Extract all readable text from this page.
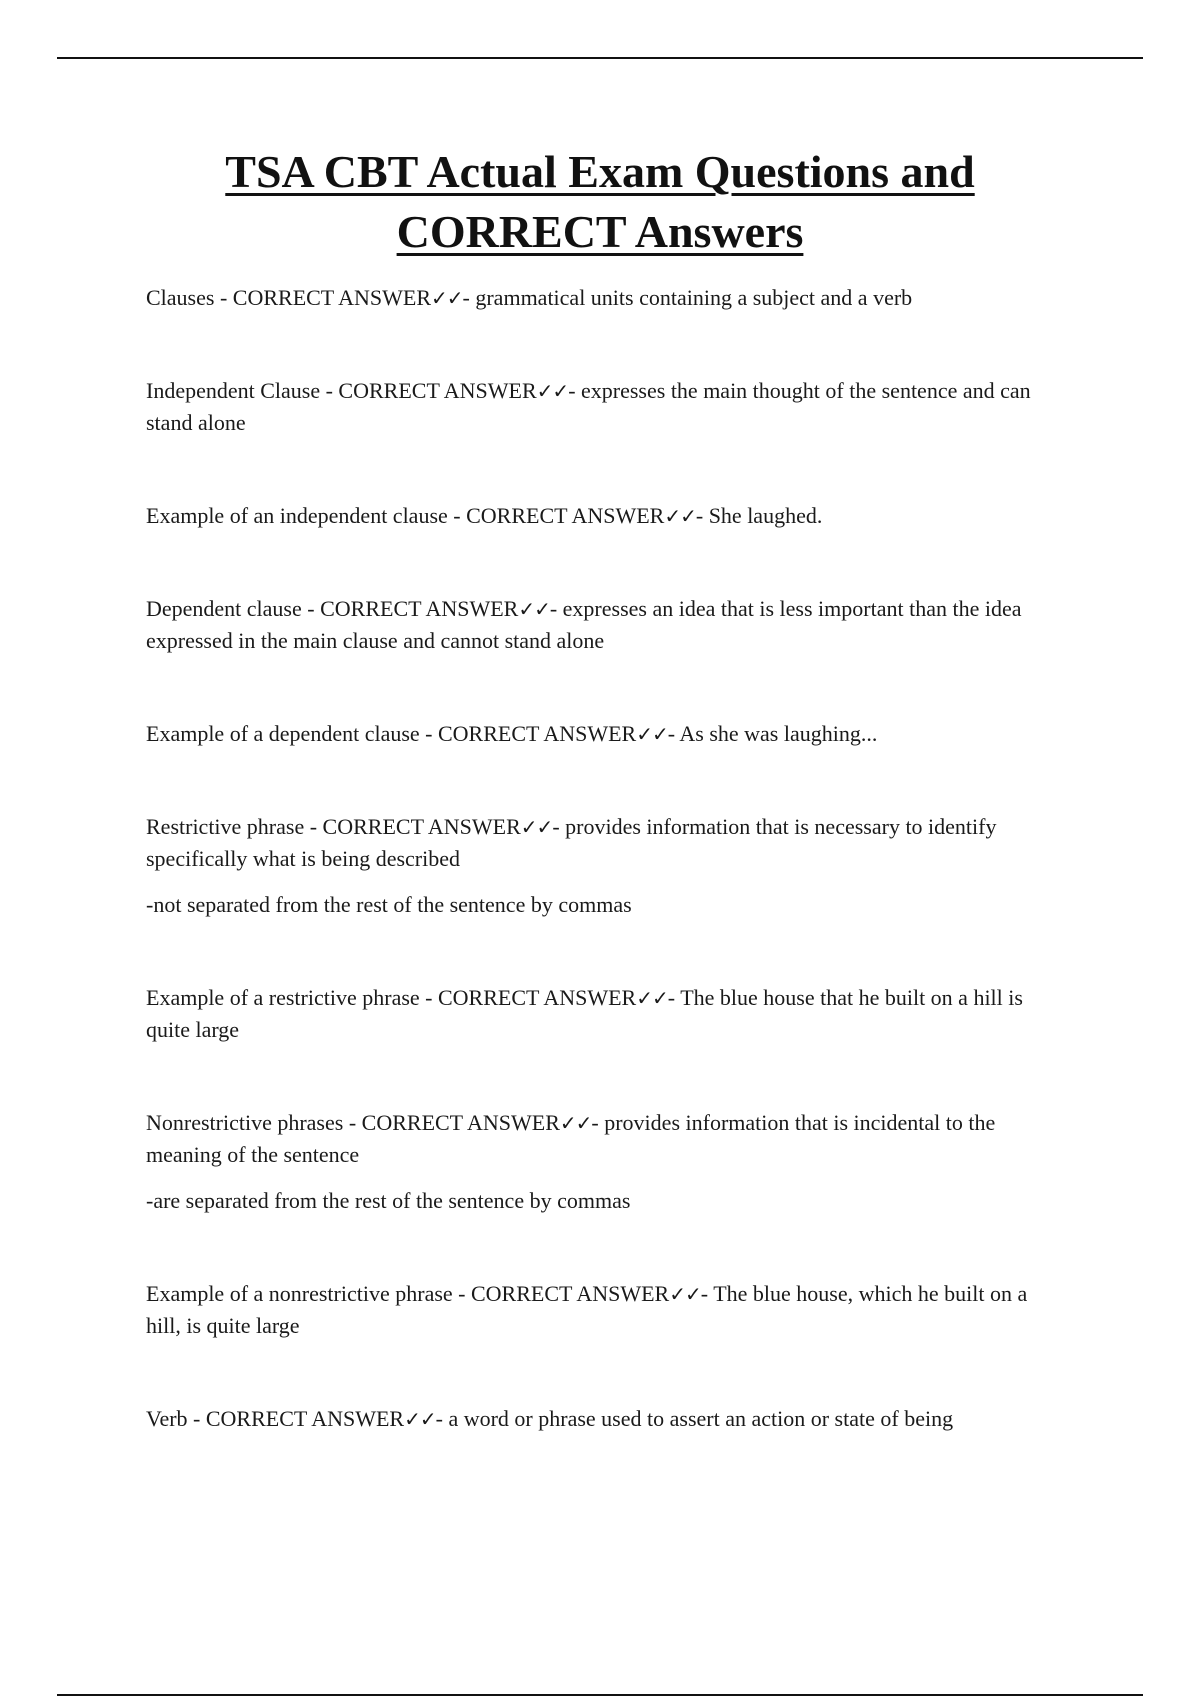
TSA CBT Actual Exam Questions and
CORRECT Answers

Clauses - CORRECT ANSWER✓✓- grammatical units containing a subject and a verb

Independent Clause - CORRECT ANSWER✓✓- expresses the main thought of the sentence and can stand alone

Example of an independent clause - CORRECT ANSWER✓✓- She laughed.

Dependent clause - CORRECT ANSWER✓✓- expresses an idea that is less important than the idea expressed in the main clause and cannot stand alone

Example of a dependent clause - CORRECT ANSWER✓✓- As she was laughing...

Restrictive phrase - CORRECT ANSWER✓✓- provides information that is necessary to identify specifically what is being described

-not separated from the rest of the sentence by commas

Example of a restrictive phrase - CORRECT ANSWER✓✓- The blue house that he built on a hill is quite large

Nonrestrictive phrases - CORRECT ANSWER✓✓- provides information that is incidental to the meaning of the sentence

-are separated from the rest of the sentence by commas

Example of a nonrestrictive phrase - CORRECT ANSWER✓✓- The blue house, which he built on a hill, is quite large

Verb - CORRECT ANSWER✓✓- a word or phrase used to assert an action or state of being
